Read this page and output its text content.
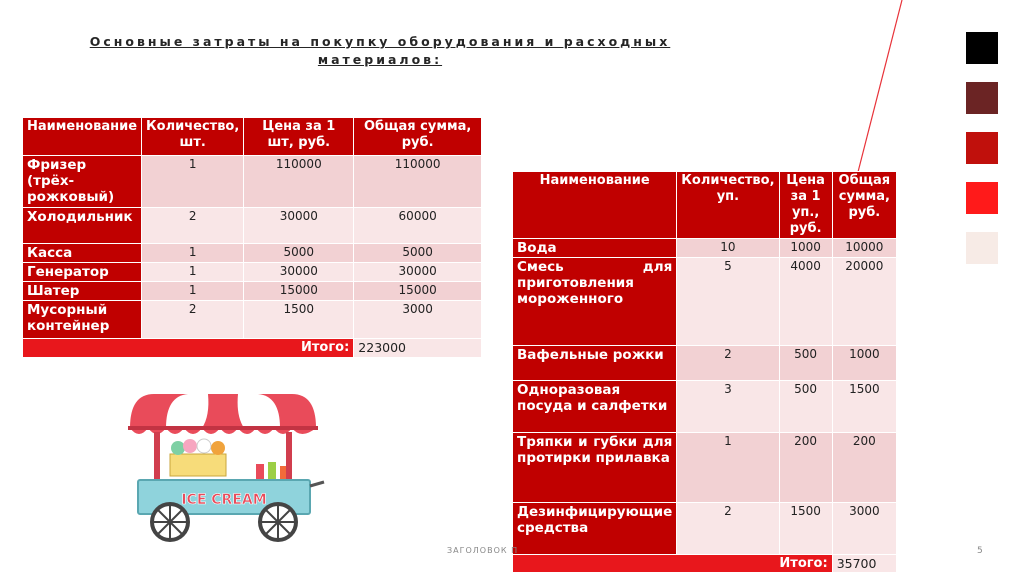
Основные затраты на покупку оборудования и расходных
материалов:
Наименование	Количество, шт.	Цена за 1 шт, руб.	Общая сумма, руб.
Фризер (трёх-рожковый)	1	110000	110000
Холодильник	2	30000	60000
Касса	1	5000	5000
Генератор	1	30000	30000
Шатер	1	15000	15000
Мусорный контейнер	2	1500	3000
Итого:			223000
Наименование	Количество, уп.	Цена за 1 уп., руб.	Общая сумма, руб.
Вода	10	1000	10000
Смесь для приготовления мороженного	5	4000	20000
Вафельные рожки	2	500	1000
Одноразовая посуда и салфетки	3	500	1500
Тряпки и губки для протирки прилавка	1	200	200
Дезинфицирующие средства	2	1500	3000
Итого:			35700
ICE CREAM
ЗАГОЛОВОК П	5
